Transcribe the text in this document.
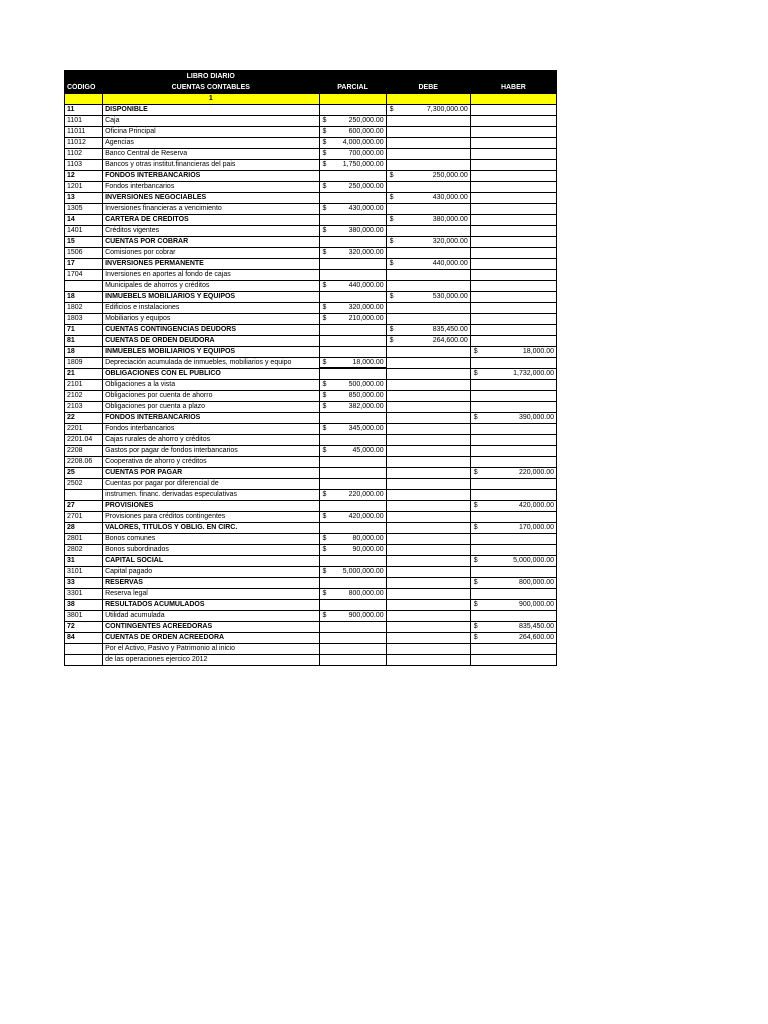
	LIBRO DIARIO			
CÓDIGO	CUENTAS CONTABLES	PARCIAL	DEBE	HABER
	1			
11	DISPONIBLE		$ 7,300,000.00	
1101	Caja	$ 250,000.00		
11011	Oficina Principal	$ 600,000.00		
11012	Agencias	$ 4,000,000.00		
1102	Banco Central de Reserva	$ 700,000.00		
1103	Bancos y otras institut.financieras del pais	$ 1,750,000.00		
12	FONDOS INTERBANCARIOS		$ 250,000.00	
1201	Fondos interbancarios	$ 250,000.00		
13	INVERSIONES NEGOCIABLES		$ 430,000.00	
1305	Inversiones financieras a vencimiento	$ 430,000.00		
14	CARTERA DE CREDITOS		$ 380,000.00	
1401	Créditos vigentes	$ 380,000.00		
15	CUENTAS POR COBRAR		$ 320,000.00	
1506	Comisiones por cobrar	$ 320,000.00		
17	INVERSIONES PERMANENTE		$ 440,000.00	
1704	Inversiones en aportes al fondo de cajas			
	Municipales de ahorros y créditos	$ 440,000.00		
18	INMUEBELS MOBILIARIOS Y EQUIPOS		$ 530,000.00	
1802	Edificios e instalaciones	$ 320,000.00		
1803	Mobiliarios y equipos	$ 210,000.00		
71	CUENTAS CONTINGENCIAS DEUDORS		$ 835,450.00	
81	CUENTAS DE ORDEN DEUDORA		$ 264,600.00	
18	INMUEBLES MOBILIARIOS Y EQUIPOS			$ 18,000.00
1809	Depreciación acumulada de inmuebles, mobiliarios y equipo	$ 18,000.00		
21	OBLIGACIONES CON EL PUBLICO			$ 1,732,000.00
2101	Obligaciones a la vista	$ 500,000.00		
2102	Obligaciones por cuenta de ahorro	$ 850,000.00		
2103	Obligaciones por cuenta a plazo	$ 382,000.00		
22	FONDOS INTERBANCARIOS			$ 390,000.00
2201	Fondos interbancarios	$ 345,000.00		
2201.04	Cajas rurales de ahorro y créditos			
2208	Gastos por pagar de fondos interbancarios	$ 45,000.00		
2208.06	Cooperativa de ahorro y créditos			
25	CUENTAS POR PAGAR			$ 220,000.00
2502	Cuentas por pagar por diferencial de			
	instrumen. financ. derivadas especulativas	$ 220,000.00		
27	PROVISIONES			$ 420,000.00
2701	Provisiones para créditos contingentes	$ 420,000.00		
28	VALORES, TITULOS Y OBLIG. EN CIRC.			$ 170,000.00
2801	Bonos comunes	$ 80,000.00		
2802	Bonos subordinados	$ 90,000.00		
31	CAPITAL SOCIAL			$ 5,000,000.00
3101	Capital pagado	$ 5,000,000.00		
33	RESERVAS			$ 800,000.00
3301	Reserva legal	$ 800,000.00		
38	RESULTADOS ACUMULADOS			$ 900,000.00
3801	Utilidad acumulada	$ 900,000.00		
72	CONTINGENTES ACREEDORAS			$ 835,450.00
84	CUENTAS DE ORDEN ACREEDORA			$ 264,600.00
	Por el Activo, Pasivo y Patrimonio al inicio			
	de las operaciones ejercico 2012			
